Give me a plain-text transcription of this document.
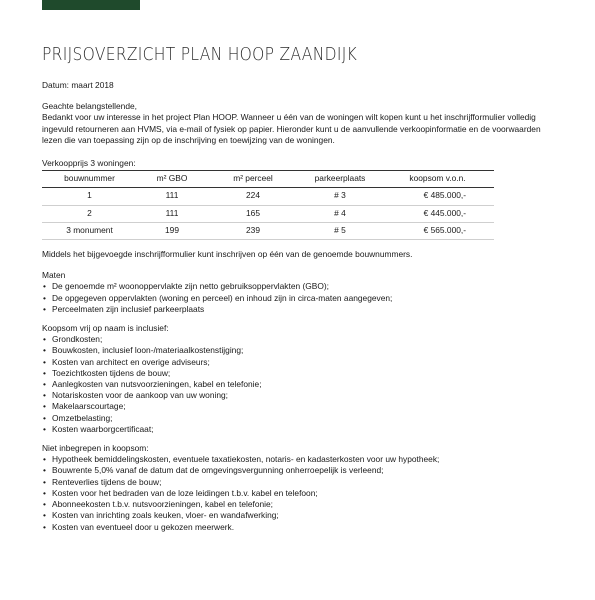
PRIJSOVERZICHT PLAN HOOP ZAANDIJK

Datum: maart 2018

Geachte belangstellende,

Bedankt voor uw interesse in het project Plan HOOP. Wanneer u één van de woningen wilt kopen kunt u het inschrijfformulier volledig ingevuld retourneren aan HVMS, via e-mail of fysiek op papier. Hieronder kunt u de aanvullende verkoopinformatie en de voorwaarden lezen die van toepassing zijn op de inschrijving en toewijzing van de woningen.

Verkoopprijs 3 woningen:

bouwnummer	m² GBO	m² perceel	parkeerplaats	koopsom v.o.n.
1	111	224	# 3	€ 485.000,-
2	111	165	# 4	€ 445.000,-
3 monument	199	239	# 5	€ 565.000,-

Middels het bijgevoegde inschrijfformulier kunt inschrijven op één van de genoemde bouwnummers.

Maten

• De genoemde m² woonoppervlakte zijn netto gebruiksoppervlakten (GBO);
• De opgegeven oppervlakten (woning en perceel) en inhoud zijn in circa-maten aangegeven;
• Perceelmaten zijn inclusief parkeerplaats

Koopsom vrij op naam is inclusief:

• Grondkosten;
• Bouwkosten, inclusief loon-/materiaalkostenstijging;
• Kosten van architect en overige adviseurs;
• Toezichtkosten tijdens de bouw;
• Aanlegkosten van nutsvoorzieningen, kabel en telefonie;
• Notariskosten voor de aankoop van uw woning;
• Makelaarscourtage;
• Omzetbelasting;
• Kosten waarborgcertificaat;

Niet inbegrepen in koopsom:

• Hypotheek bemiddelingskosten, eventuele taxatiekosten, notaris- en kadasterkosten voor uw hypotheek;
• Bouwrente 5,0% vanaf de datum dat de omgevingsvergunning onherroepelijk is verleend;
• Renteverlies tijdens de bouw;
• Kosten voor het bedraden van de loze leidingen t.b.v. kabel en telefoon;
• Abonneekosten t.b.v. nutsvoorzieningen, kabel en telefonie;
• Kosten van inrichting zoals keuken, vloer- en wandafwerking;
• Kosten van eventueel door u gekozen meerwerk.
